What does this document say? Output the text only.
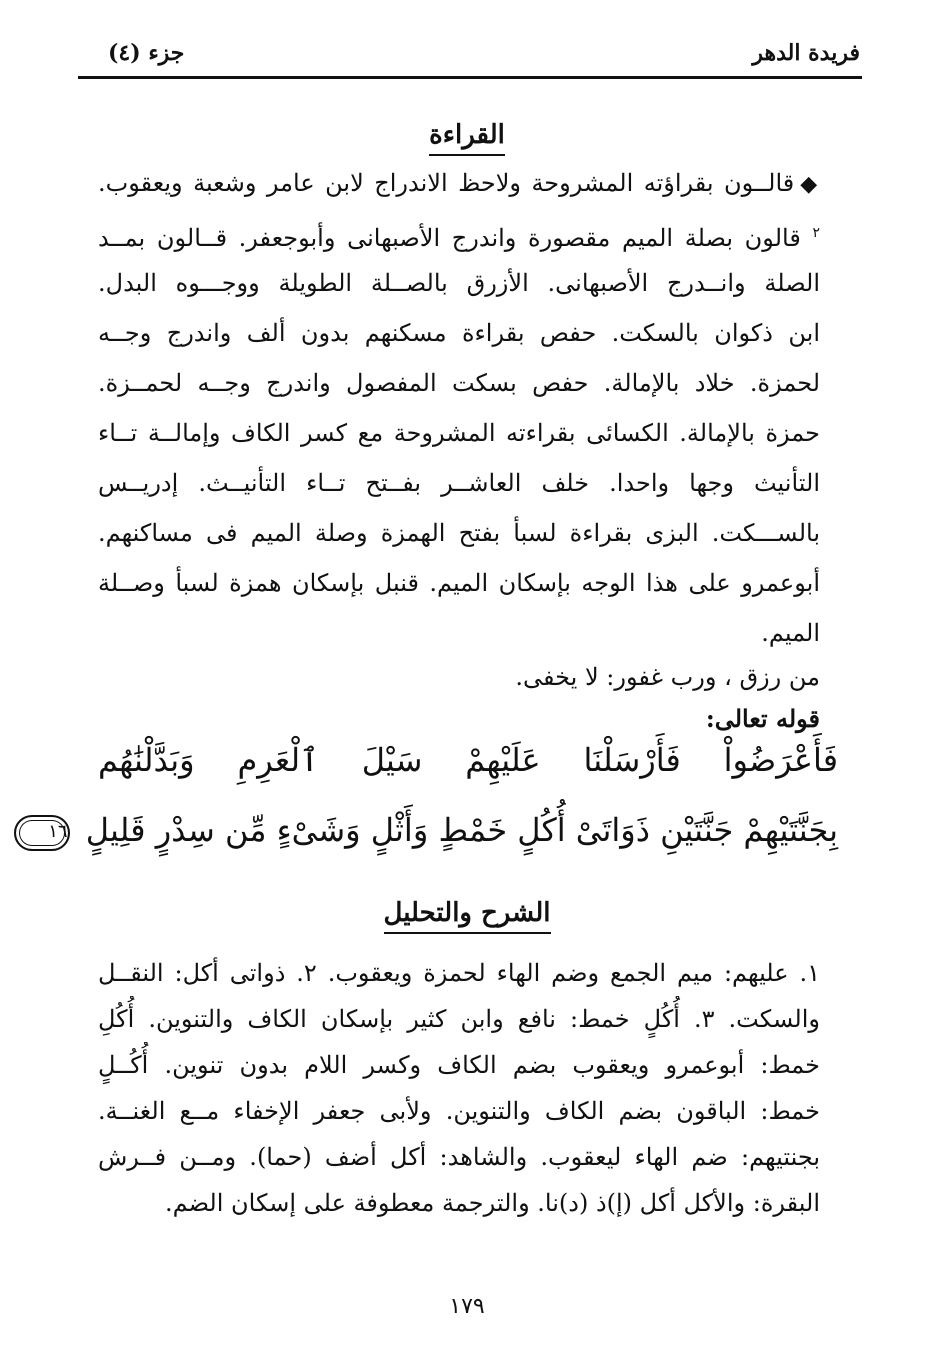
فريدة الدهر
جزء (٤)
القراءة
◆قالــون بقراؤته المشروحة ولاحظ الاندراج لابن عامر وشعبة ويعقوب.
$^٢$ قالون بصلة الميم مقصورة واندرج الأصبهانى وأبوجعفر. قــالون بمــد
الصلة وانــدرج الأصبهانى. الأزرق بالصــلة الطويلة ووجـــوه البدل.
ابن ذكوان بالسكت. حفص بقراءة مسكنهم بدون ألف واندرج وجــه
لحمزة. خلاد بالإمالة. حفص بسكت المفصول واندرج وجــه لحمــزة.
حمزة بالإمالة. الكسائى بقراءته المشروحة مع كسر الكاف وإمالــة تــاء
التأنيث وجها واحدا. خلف العاشــر بفــتح تــاء التأنيــث. إدريــس
بالســـكت. البزى بقراءة لسبأ بفتح الهمزة وصلة الميم فى مساكنهم.
أبوعمرو على هذا الوجه بإسكان الميم. قنبل بإسكان همزة لسبأ وصــلة
الميم.
من رزق ، ورب غفور: لا يخفى.
قوله تعالى:
فَأَعْرَضُواْ فَأَرْسَلْنَا عَلَيْهِمْ سَيْلَ ٱلْعَرِمِ وَبَدَّلْنَٰهُم
بِجَنَّتَيْهِمْ جَنَّتَيْنِ ذَوَاتَىْ أُكُلٍ خَمْطٍ وَأَثْلٍ وَشَىْءٍ مِّن سِدْرٍ قَلِيلٍ ١٦
الشرح والتحليل
١. عليهم: ميم الجمع وضم الهاء لحمزة ويعقوب. ٢. ذواتى أكل: النقــل
والسكت. ٣. أُكُلٍ خمط: نافع وابن كثير بإسكان الكاف والتنوين. أُكُلِ
خمط: أبوعمرو ويعقوب بضم الكاف وكسر اللام بدون تنوين. أُكُــلٍ
خمط: الباقون بضم الكاف والتنوين. ولأبى جعفر الإخفاء مــع الغنــة.
بجنتيهم: ضم الهاء ليعقوب. والشاهد: أكل أضف (حما). ومــن فــرش
البقرة: والأكل أكل (إ)ذ (د)نا. والترجمة معطوفة على إسكان الضم.
١٧٩
